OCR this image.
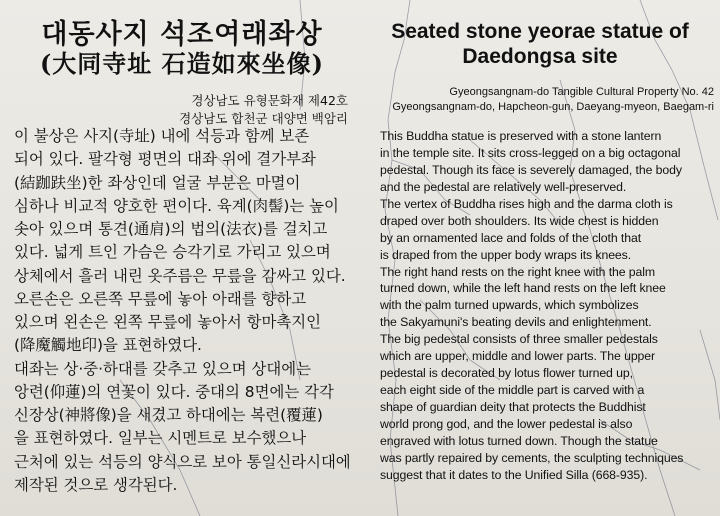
대동사지 석조여래좌상
(大同寺址 石造如來坐像)
경상남도 유형문화재 제42호
경상남도 합천군 대양면 백암리
이 불상은 사지(寺址) 내에 석등과 함께 보존
되어 있다. 팔각형 평면의 대좌 위에 결가부좌
(結跏趺坐)한 좌상인데 얼굴 부분은 마멸이
심하나 비교적 양호한 편이다. 육계(肉髻)는 높이
솟아 있으며 통견(通肩)의 법의(法衣)를 걸치고
있다. 넓게 트인 가슴은 승각기로 가리고 있으며
상체에서 흘러 내린 옷주름은 무릎을 감싸고 있다.
오른손은 오른쪽 무릎에 놓아 아래를 향하고
있으며 왼손은 왼쪽 무릎에 놓아서 항마촉지인
(降魔觸地印)을 표현하였다.
대좌는 상·중·하대를 갖추고 있으며 상대에는
앙련(仰蓮)의 연꽃이 있다. 중대의 8면에는 각각
신장상(神將像)을 새겼고 하대에는 복련(覆蓮)
을 표현하였다. 일부는 시멘트로 보수했으나
근처에 있는 석등의 양식으로 보아 통일신라시대에
제작된 것으로 생각된다.
Seated stone yeorae statue of
Daedongsa site
Gyeongsangnam-do Tangible Cultural Property No. 42
Gyeongsangnam-do, Hapcheon-gun, Daeyang-myeon, Baegam-ri
This Buddha statue is preserved with a stone lantern
in the temple site. It sits cross-legged on a big octagonal
pedestal. Though its face is severely damaged, the body
and the pedestal are relatively well-preserved.
The vertex of Buddha rises high and the darma cloth is
draped over both shoulders. Its wide chest is hidden
by an ornamented lace and folds of the cloth that
is draped from the upper body wraps its knees.
The right hand rests on the right knee with the palm
turned down, while the left hand rests on the left knee
with the palm turned upwards, which symbolizes
the Sakyamuni's beating devils and enlightenment.
The big pedestal consists of three smaller pedestals
which are upper, middle and lower parts. The upper
pedestal is decorated by lotus flower turned up,
each eight side of the middle part is carved with a
shape of guardian deity that protects the Buddhist
world prong god, and the lower pedestal is also
engraved with lotus turned down. Though the statue
was partly repaired by cements, the sculpting techniques
suggest that it dates to the Unified Silla (668-935).
